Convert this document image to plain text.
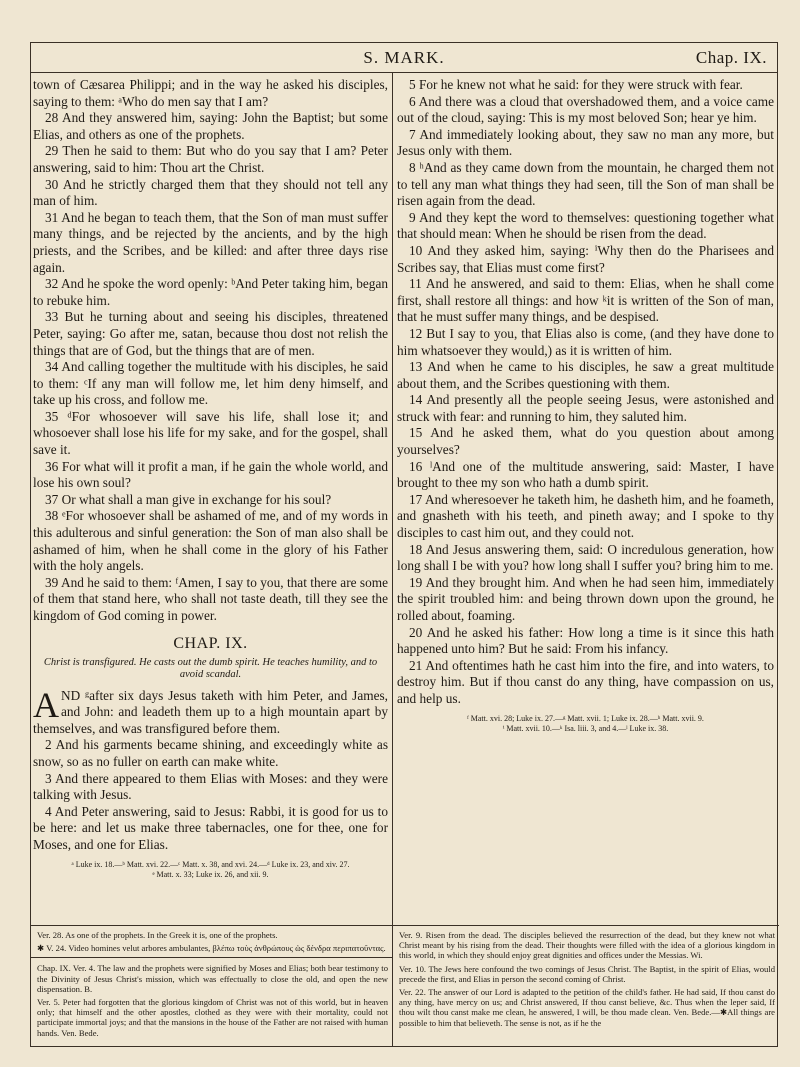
S. MARK.	Chap. IX.

town of Cæsarea Philippi; and in the way he asked his disciples, saying to them: ᵃWho do men say that I am?

28 And they answered him, saying: John the Baptist; but some Elias, and others as one of the prophets.

29 Then he said to them: But who do you say that I am? Peter answering, said to him: Thou art the Christ.

30 And he strictly charged them that they should not tell any man of him.

31 And he began to teach them, that the Son of man must suffer many things, and be rejected by the ancients, and by the high priests, and the Scribes, and be killed: and after three days rise again.

32 And he spoke the word openly: ᵇAnd Peter taking him, began to rebuke him.

33 But he turning about and seeing his disciples, threatened Peter, saying: Go after me, satan, because thou dost not relish the things that are of God, but the things that are of men.

34 And calling together the multitude with his disciples, he said to them: ᶜIf any man will follow me, let him deny himself, and take up his cross, and follow me.

35 ᵈFor whosoever will save his life, shall lose it; and whosoever shall lose his life for my sake, and for the gospel, shall save it.

36 For what will it profit a man, if he gain the whole world, and lose his own soul?

37 Or what shall a man give in exchange for his soul?

38 ᵉFor whosoever shall be ashamed of me, and of my words in this adulterous and sinful generation: the Son of man also shall be ashamed of him, when he shall come in the glory of his Father with the holy angels.

39 And he said to them: ᶠAmen, I say to you, that there are some of them that stand here, who shall not taste death, till they see the kingdom of God coming in power.

CHAP. IX.

Christ is transfigured. He casts out the dumb spirit. He teaches humility, and to avoid scandal.

AND ᵍafter six days Jesus taketh with him Peter, and James, and John: and leadeth them up to a high mountain apart by themselves, and was transfigured before them.

2 And his garments became shining, and exceedingly white as snow, so as no fuller on earth can make white.

3 And there appeared to them Elias with Moses: and they were talking with Jesus.

4 And Peter answering, said to Jesus: Rabbi, it is good for us to be here: and let us make three tabernacles, one for thee, one for Moses, and one for Elias.

ᵃ Luke ix. 18.—ᵇ Matt. xvi. 22.—ᶜ Matt. x. 38, and xvi. 24.—ᵈ Luke ix. 23, and xiv. 27.
ᵉ Matt. x. 33; Luke ix. 26, and xii. 9.

5 For he knew not what he said: for they were struck with fear.

6 And there was a cloud that overshadowed them, and a voice came out of the cloud, saying: This is my most beloved Son; hear ye him.

7 And immediately looking about, they saw no man any more, but Jesus only with them.

8 ʰAnd as they came down from the mountain, he charged them not to tell any man what things they had seen, till the Son of man shall be risen again from the dead.

9 And they kept the word to themselves: questioning together what that should mean: When he should be risen from the dead.

10 And they asked him, saying: ⁱWhy then do the Pharisees and Scribes say, that Elias must come first?

11 And he answered, and said to them: Elias, when he shall come first, shall restore all things: and how ᵏit is written of the Son of man, that he must suffer many things, and be despised.

12 But I say to you, that Elias also is come, (and they have done to him whatsoever they would,) as it is written of him.

13 And when he came to his disciples, he saw a great multitude about them, and the Scribes questioning with them.

14 And presently all the people seeing Jesus, were astonished and struck with fear: and running to him, they saluted him.

15 And he asked them, what do you question about among yourselves?

16 ˡAnd one of the multitude answering, said: Master, I have brought to thee my son who hath a dumb spirit.

17 And wheresoever he taketh him, he dasheth him, and he foameth, and gnasheth with his teeth, and pineth away; and I spoke to thy disciples to cast him out, and they could not.

18 And Jesus answering them, said: O incredulous generation, how long shall I be with you? how long shall I suffer you? bring him to me.

19 And they brought him. And when he had seen him, immediately the spirit troubled him: and being thrown down upon the ground, he rolled about, foaming.

20 And he asked his father: How long a time is it since this hath happened unto him? But he said: From his infancy.

21 And oftentimes hath he cast him into the fire, and into waters, to destroy him. But if thou canst do any thing, have compassion on us, and help us.

ᶠ Matt. xvi. 28; Luke ix. 27.—ᵍ Matt. xvii. 1; Luke ix. 28.—ʰ Matt. xvii. 9.
ⁱ Matt. xvii. 10.—ᵏ Isa. liii. 3, and 4.—ˡ Luke ix. 38.

Ver. 28. As one of the prophets. In the Greek it is, one of the prophets.

✱ V. 24. Video homines velut arbores ambulantes, βλέπω τοὺς ἀνθρώπους ὡς δένδρα περιπατοῦντας.

Chap. IX. Ver. 4. The law and the prophets were signified by Moses and Elias; both bear testimony to the Divinity of Jesus Christ's mission, which was effectually to close the old, and open the new dispensation. B.

Ver. 5. Peter had forgotten that the glorious kingdom of Christ was not of this world, but in heaven only; that himself and the other apostles, clothed as they were with their mortality, could not participate immortal joys; and that the mansions in the house of the Father are not raised with human hands. Ven. Bede.

Ver. 9. Risen from the dead. The disciples believed the resurrection of the dead, but they knew not what Christ meant by his rising from the dead. Their thoughts were filled with the idea of a glorious kingdom in this world, in which they should enjoy great dignities and offices under the Messias. Wi.

Ver. 10. The Jews here confound the two comings of Jesus Christ. The Baptist, in the spirit of Elias, would precede the first, and Elias in person the second coming of Christ.

Ver. 22. The answer of our Lord is adapted to the petition of the child's father. He had said, If thou canst do any thing, have mercy on us; and Christ answered, If thou canst believe, &c. Thus when the leper said, If thou wilt thou canst make me clean, he answered, I will, be thou made clean. Ven. Bede.—✱All things are possible to him that believeth. The sense is not, as if he the
